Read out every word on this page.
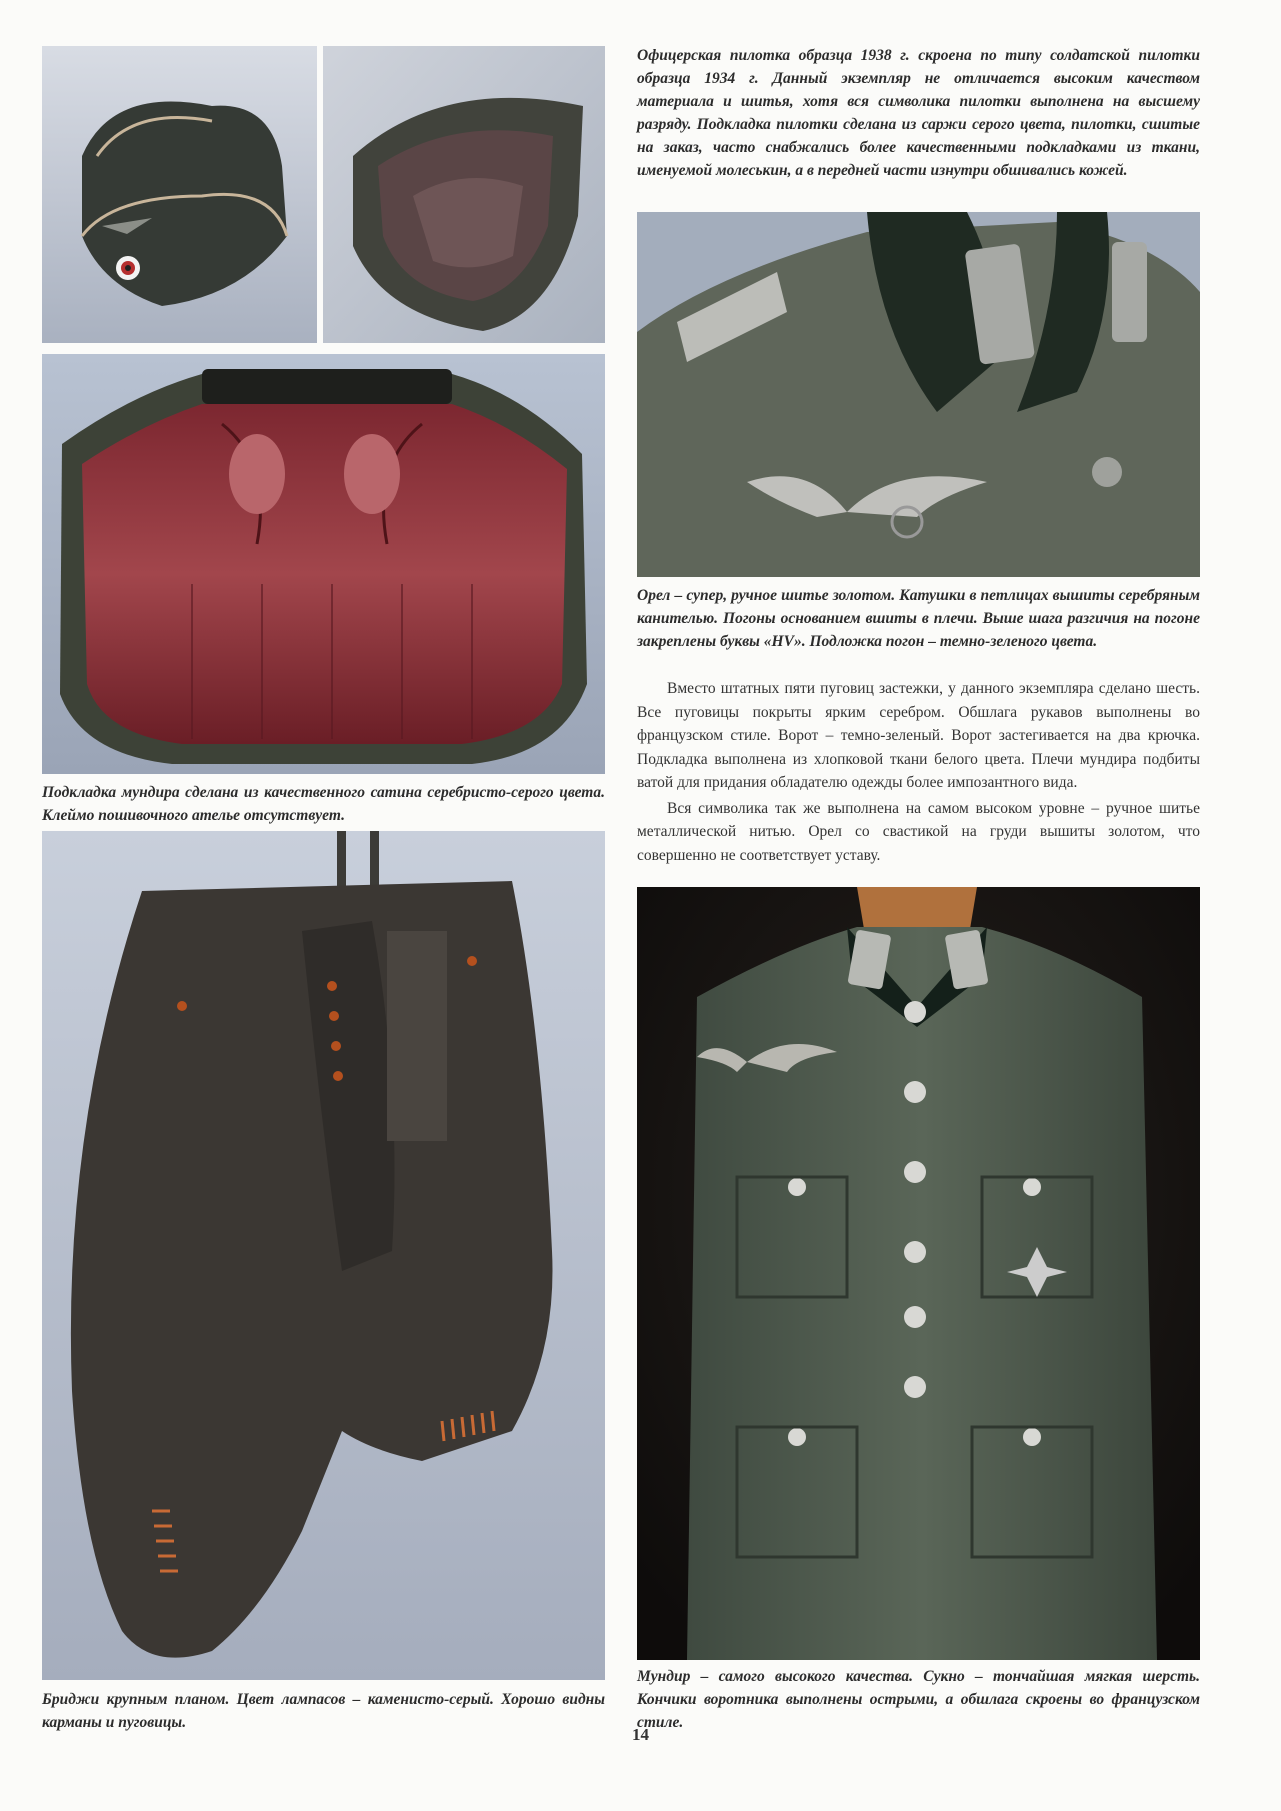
Подкладка мундира сделана из качественного сатина серебристо-серого цвета. Клеймо пошивочного ателье отсутствует.
Бриджи крупным планом. Цвет лампасов – каменисто-серый. Хорошо видны карманы и пуговицы.
Офицерская пилотка образца 1938 г. скроена по типу солдатской пилотки образца 1934 г. Данный экземпляр не отличается высоким качеством материала и шитья, хотя вся символика пилотки выполнена на высшему разряду. Подкладка пилотки сделана из саржи серого цвета, пилотки, сшитые на заказ, часто снабжались более качественными подкладками из ткани, именуемой молеськин, а в передней части изнутри обшивались кожей.
Орел – супер, ручное шитье золотом. Катушки в петлицах вышиты серебряным канителью. Погоны основанием вшиты в плечи. Выше шага разгичия на погоне закреплены буквы «HV». Подложка погон – темно-зеленого цвета.

Вместо штатных пяти пуговиц застежки, у данного экземпляра сделано шесть. Все пуговицы покрыты ярким серебром. Обшлага рукавов выполнены во французском стиле. Ворот – темно-зеленый. Ворот застегивается на два крючка. Подкладка выполнена из хлопковой ткани белого цвета. Плечи мундира подбиты ватой для придания обладателю одежды более импозантного вида.

Вся символика так же выполнена на самом высоком уровне – ручное шитье металлической нитью. Орел со свастикой на груди вышиты золотом, что совершенно не соответствует уставу.

Мундир – самого высокого качества. Сукно – тончайшая мягкая шерсть. Кончики воротника выполнены острыми, а обшлага скроены во французском стиле.
14
